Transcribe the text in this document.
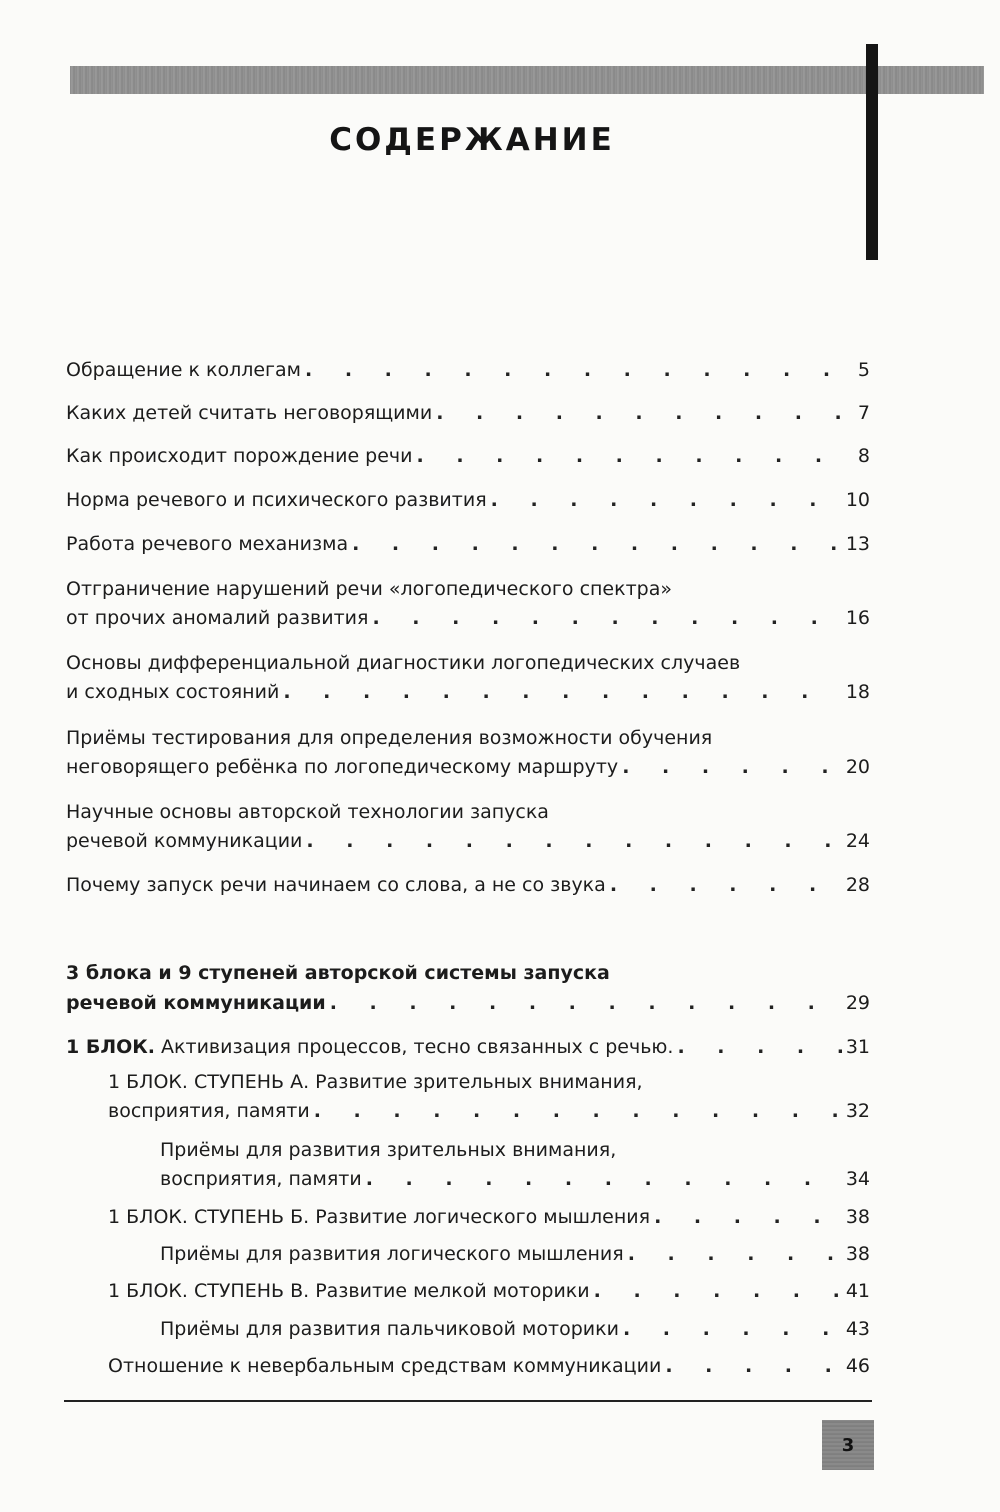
СОДЕРЖАНИЕ
Обращение к коллегам . . .	5
Каких детей считать неговорящими . . .	7
Как происходит порождение речи . . .	8
Норма речевого и психического развития . . .	10
Работа речевого механизма . . .	13
Отграничение нарушений речи «логопедического спектра»
от прочих аномалий развития . . .	16
Основы дифференциальной диагностики логопедических случаев
и сходных состояний . . .	18
Приёмы тестирования для определения возможности обучения
неговорящего ребёнка по логопедическому маршруту . . .	20
Научные основы авторской технологии запуска
речевой коммуникации . . .	24
Почему запуск речи начинаем со слова, а не со звука . . .	28
3 блока и 9 ступеней авторской системы запуска
речевой коммуникации . . .	29
1 БЛОК. Активизация процессов, тесно связанных с речью. . . .	31
1 БЛОК. СТУПЕНЬ А. Развитие зрительных внимания,
восприятия, памяти . . .	32
Приёмы для развития зрительных внимания,
восприятия, памяти . . .	34
1 БЛОК. СТУПЕНЬ Б. Развитие логического мышления . . .	38
Приёмы для развития логического мышления . . .	38
1 БЛОК. СТУПЕНЬ В. Развитие мелкой моторики . . .	41
Приёмы для развития пальчиковой моторики . . .	43
Отношение к невербальным средствам коммуникации . . .	46
3
